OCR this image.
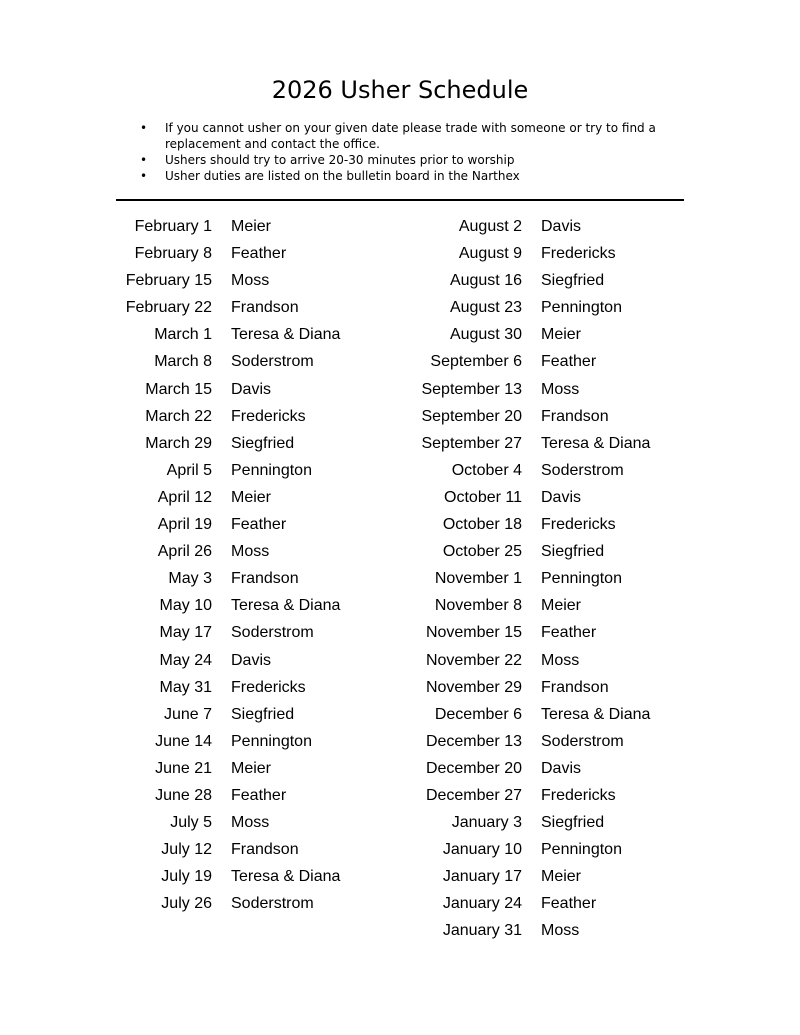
2026 Usher Schedule
• If you cannot usher on your given date please trade with someone or try to find a replacement and contact the office.
• Ushers should try to arrive 20-30 minutes prior to worship
• Usher duties are listed on the bulletin board in the Narthex
February 1	Meier
February 8	Feather
February 15	Moss
February 22	Frandson
March 1	Teresa & Diana
March 8	Soderstrom
March 15	Davis
March 22	Fredericks
March 29	Siegfried
April 5	Pennington
April 12	Meier
April 19	Feather
April 26	Moss
May 3	Frandson
May 10	Teresa & Diana
May 17	Soderstrom
May 24	Davis
May 31	Fredericks
June 7	Siegfried
June 14	Pennington
June 21	Meier
June 28	Feather
July 5	Moss
July 12	Frandson
July 19	Teresa & Diana
July 26	Soderstrom
August 2	Davis
August 9	Fredericks
August 16	Siegfried
August 23	Pennington
August 30	Meier
September 6	Feather
September 13	Moss
September 20	Frandson
September 27	Teresa & Diana
October 4	Soderstrom
October 11	Davis
October 18	Fredericks
October 25	Siegfried
November 1	Pennington
November 8	Meier
November 15	Feather
November 22	Moss
November 29	Frandson
December 6	Teresa & Diana
December 13	Soderstrom
December 20	Davis
December 27	Fredericks
January 3	Siegfried
January 10	Pennington
January 17	Meier
January 24	Feather
January 31	Moss
